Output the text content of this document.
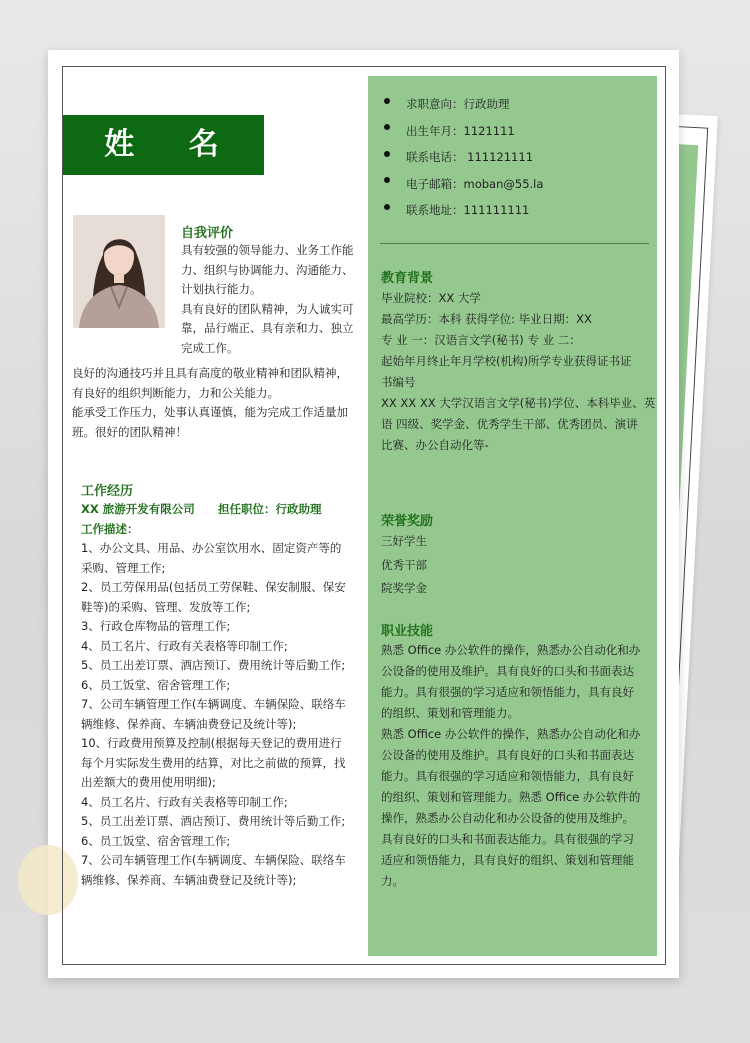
姓 名
自我评价
具有较强的领导能力、业务工作能
力、组织与协调能力、沟通能力、
计划执行能力。
具有良好的团队精神，为人诚实可
靠，品行端正、具有亲和力、独立
完成工作。
良好的沟通技巧并且具有高度的敬业精神和团队精神，
有良好的组织判断能力，力和公关能力。
能承受工作压力，处事认真谨慎，能为完成工作适量加
班。很好的团队精神！
工作经历
XX 旅游开发有限公司 担任职位：行政助理
工作描述：
1、办公文具、用品、办公室饮用水、固定资产等的
采购、管理工作;
2、员工劳保用品(包括员工劳保鞋、保安制服、保安
鞋等)的采购、管理、发放等工作;
3、行政仓库物品的管理工作;
4、员工名片、行政有关表格等印制工作;
5、员工出差订票、酒店预订、费用统计等后勤工作;
6、员工饭堂、宿舍管理工作;
7、公司车辆管理工作(车辆调度、车辆保险、联络车
辆维修、保养商、车辆油费登记及统计等);
10、行政费用预算及控制(根据每天登记的费用进行
每个月实际发生费用的结算，对比之前做的预算，找
出差额大的费用使用明细);
4、员工名片、行政有关表格等印制工作;
5、员工出差订票、酒店预订、费用统计等后勤工作;
6、员工饭堂、宿舍管理工作;
7、公司车辆管理工作(车辆调度、车辆保险、联络车
辆维修、保养商、车辆油费登记及统计等);
求职意向：行政助理
出生年月：1121111
联系电话： 111121111
电子邮箱：moban@55.la
联系地址：111111111
教育背景
毕业院校：XX 大学
最高学历：本科 获得学位: 毕业日期：XX
专 业 一：汉语言文学(秘书) 专 业 二：
起始年月终止年月学校(机构)所学专业获得证书证
书编号
XX XX XX 大学汉语言文学(秘书)学位、本科毕业、英
语 四级、奖学金、优秀学生干部、优秀团员、演讲
比赛、办公自动化等-
荣誉奖励
三好学生
优秀干部
院奖学金
职业技能
熟悉 Office 办公软件的操作，熟悉办公自动化和办
公设备的使用及维护。具有良好的口头和书面表达
能力。具有很强的学习适应和领悟能力，具有良好
的组织、策划和管理能力。
熟悉 Office 办公软件的操作，熟悉办公自动化和办
公设备的使用及维护。具有良好的口头和书面表达
能力。具有很强的学习适应和领悟能力，具有良好
的组织、策划和管理能力。熟悉 Office 办公软件的
操作，熟悉办公自动化和办公设备的使用及维护。
具有良好的口头和书面表达能力。具有很强的学习
适应和领悟能力，具有良好的组织、策划和管理能
力。
